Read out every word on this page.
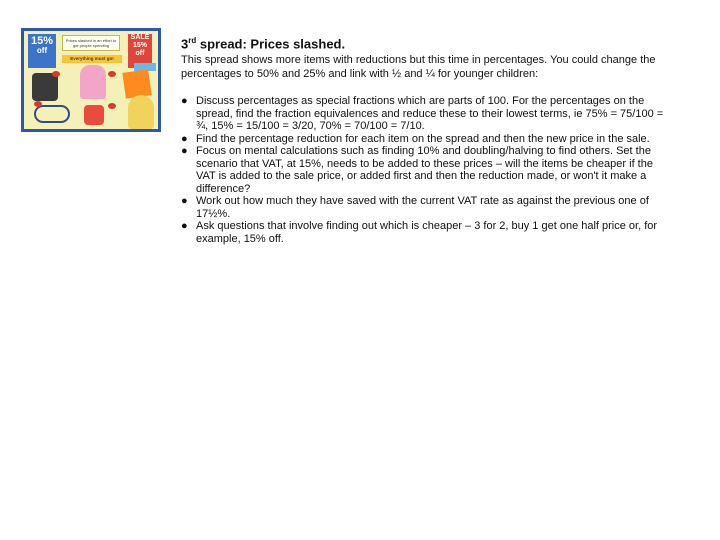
15%
off
Prices slashed in an effort to get people spending
SALE
15% off
Everything must go!
3rd spread: Prices slashed.
This spread shows more items with reductions but this time in percentages. You could change the percentages to 50% and 25% and link with ½ and ¼ for younger children:
● Discuss percentages as special fractions which are parts of 100. For the percentages on the spread, find the fraction equivalences and reduce these to their lowest terms, ie 75% = 75/100 = ¾, 15% = 15/100 = 3/20, 70% = 70/100 = 7/10.
● Find the percentage reduction for each item on the spread and then the new price in the sale.
● Focus on mental calculations such as finding 10% and doubling/halving to find others. Set the scenario that VAT, at 15%, needs to be added to these prices – will the items be cheaper if the VAT is added to the sale price, or added first and then the reduction made, or won't it make a difference?
● Work out how much they have saved with the current VAT rate as against the previous one of 17½%.
● Ask questions that involve finding out which is cheaper – 3 for 2, buy 1 get one half price or, for example, 15% off.
